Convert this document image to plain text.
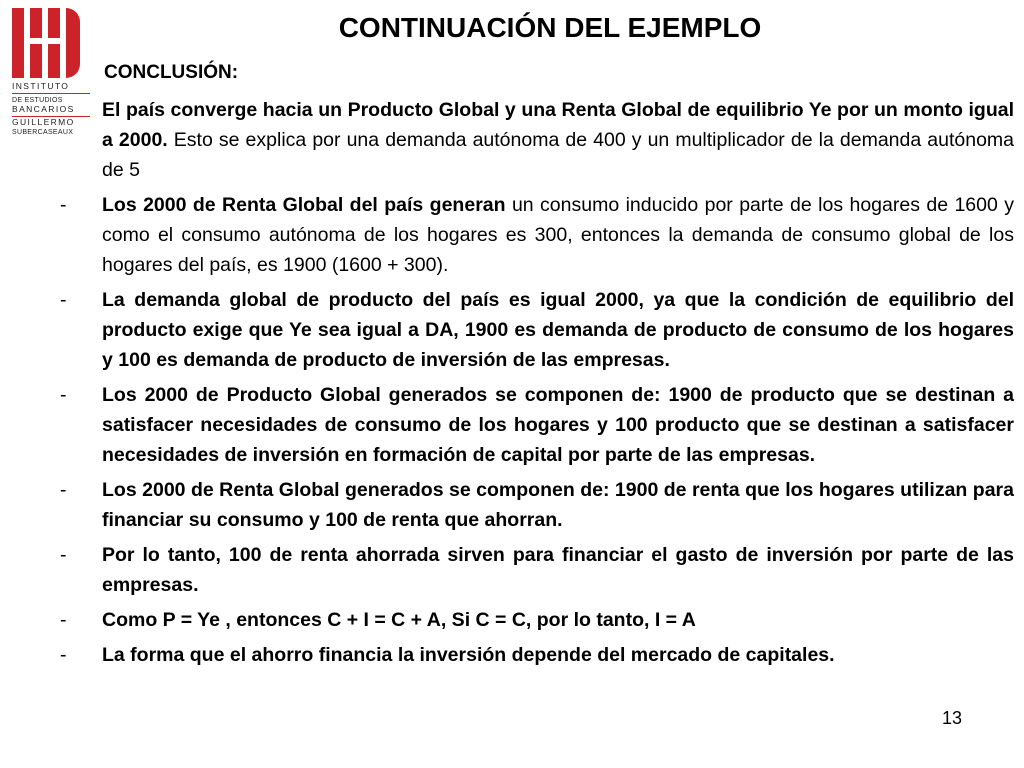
INSTITUTO
DE ESTUDIOS
BANCARIOS
GUILLERMO
SUBERCASEAUX
CONTINUACIÓN DEL EJEMPLO

CONCLUSIÓN:

El país converge hacia un Producto Global y una Renta Global de equilibrio Ye por un monto igual a 2000. Esto se explica por una demanda autónoma de 400 y un multiplicador de la demanda autónoma de 5
-	Los 2000 de Renta Global del país generan un consumo inducido por parte de los hogares de 1600 y como el consumo autónoma de los hogares es 300, entonces la demanda de consumo global de los hogares del país, es 1900 (1600 + 300).
-	La demanda global de producto del país es igual 2000, ya que la condición de equilibrio del producto exige que Ye sea igual a DA, 1900 es demanda de producto de consumo de los hogares y 100 es demanda de producto de inversión de las empresas.
-	Los 2000 de Producto Global generados se componen de: 1900 de producto que se destinan a satisfacer necesidades de consumo de los hogares y 100 producto que se destinan a satisfacer necesidades de inversión en formación de capital por parte de las empresas.
-	Los 2000 de Renta Global generados se componen de: 1900 de renta que los hogares utilizan para financiar su consumo y 100 de renta que ahorran.
-	Por lo tanto, 100 de renta ahorrada sirven para financiar el gasto de inversión por parte de las empresas.
-	Como P = Ye , entonces C + I = C + A, Si C = C, por lo tanto, I = A
-	La forma que el ahorro financia la inversión depende del mercado de capitales.
13
